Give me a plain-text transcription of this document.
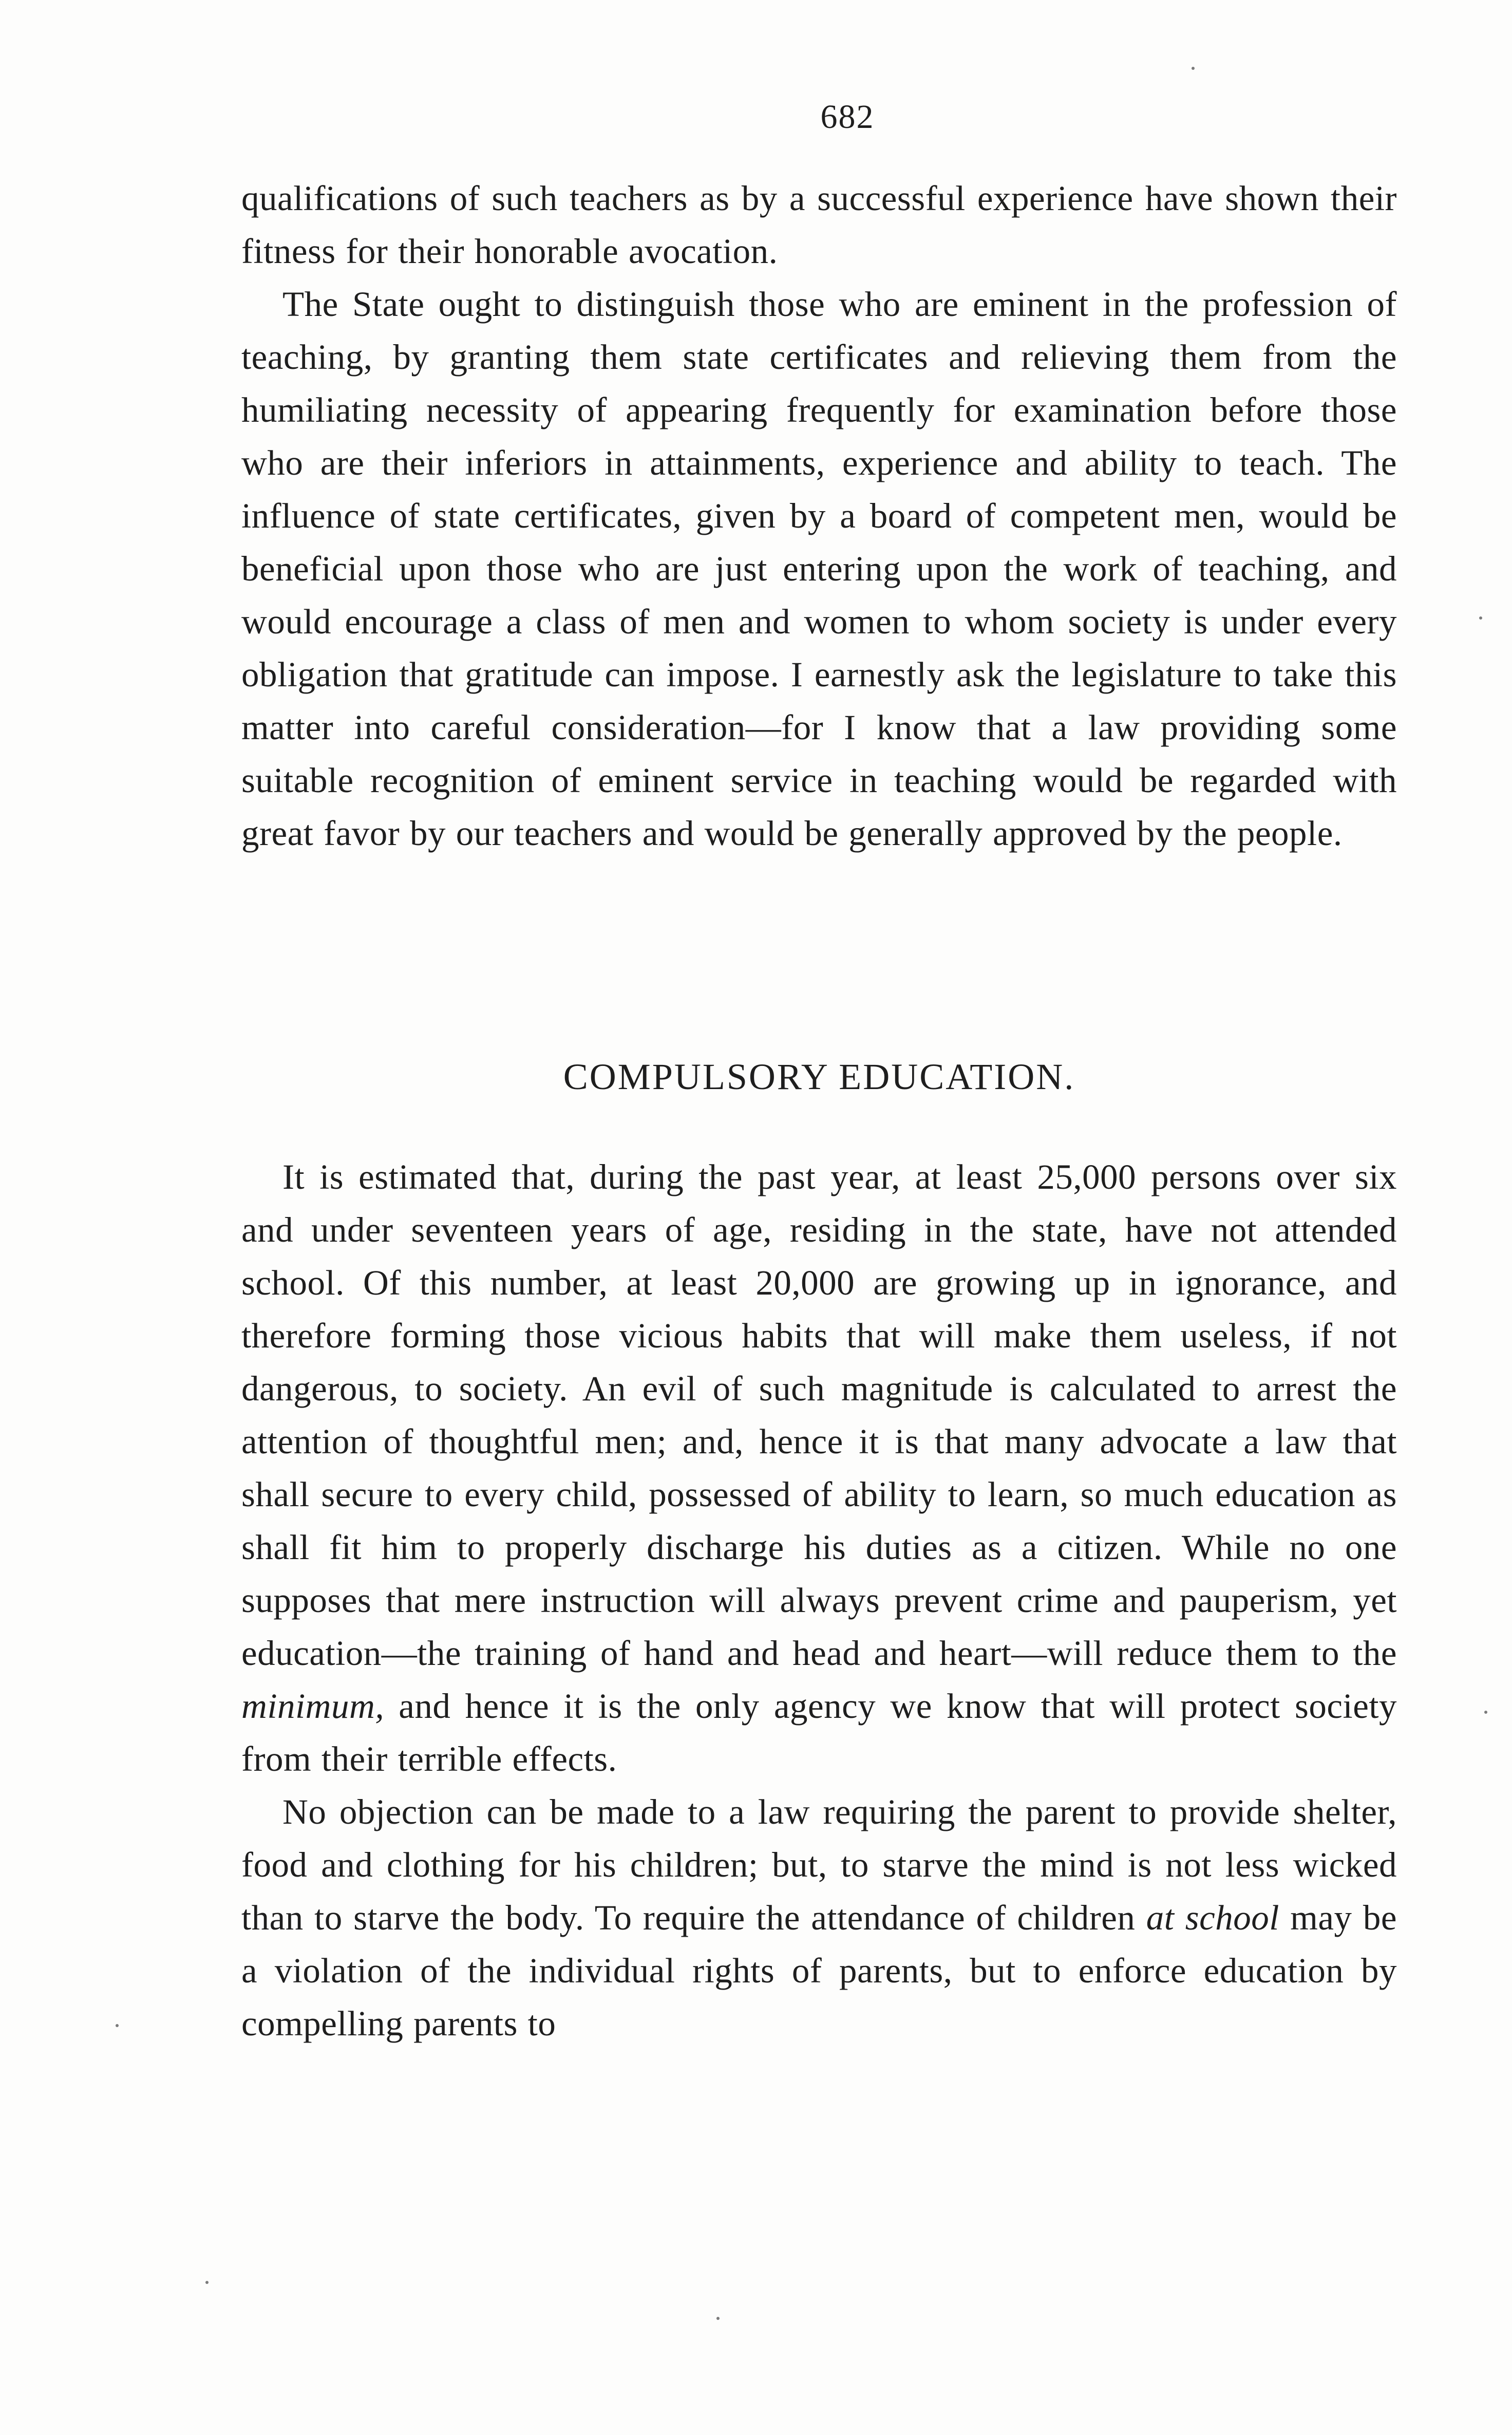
682

qualifications of such teachers as by a successful experience have shown their fitness for their honorable avocation.

The State ought to distinguish those who are eminent in the profession of teaching, by granting them state certificates and relieving them from the humiliating necessity of appearing frequently for examination before those who are their inferiors in attainments, experience and ability to teach. The influence of state certificates, given by a board of competent men, would be beneficial upon those who are just entering upon the work of teaching, and would encourage a class of men and women to whom society is under every obligation that gratitude can impose. I earnestly ask the legislature to take this matter into careful consideration—for I know that a law providing some suitable recognition of eminent service in teaching would be regarded with great favor by our teachers and would be generally approved by the people.

COMPULSORY EDUCATION.

It is estimated that, during the past year, at least 25,000 persons over six and under seventeen years of age, residing in the state, have not attended school. Of this number, at least 20,000 are growing up in ignorance, and therefore forming those vicious habits that will make them useless, if not dangerous, to society. An evil of such magnitude is calculated to arrest the attention of thoughtful men; and, hence it is that many advocate a law that shall secure to every child, possessed of ability to learn, so much education as shall fit him to properly discharge his duties as a citizen. While no one supposes that mere instruction will always prevent crime and pauperism, yet education—the training of hand and head and heart—will reduce them to the minimum, and hence it is the only agency we know that will protect society from their terrible effects.

No objection can be made to a law requiring the parent to provide shelter, food and clothing for his children; but, to starve the mind is not less wicked than to starve the body. To require the attendance of children at school may be a violation of the individual rights of parents, but to enforce education by compelling parents to
